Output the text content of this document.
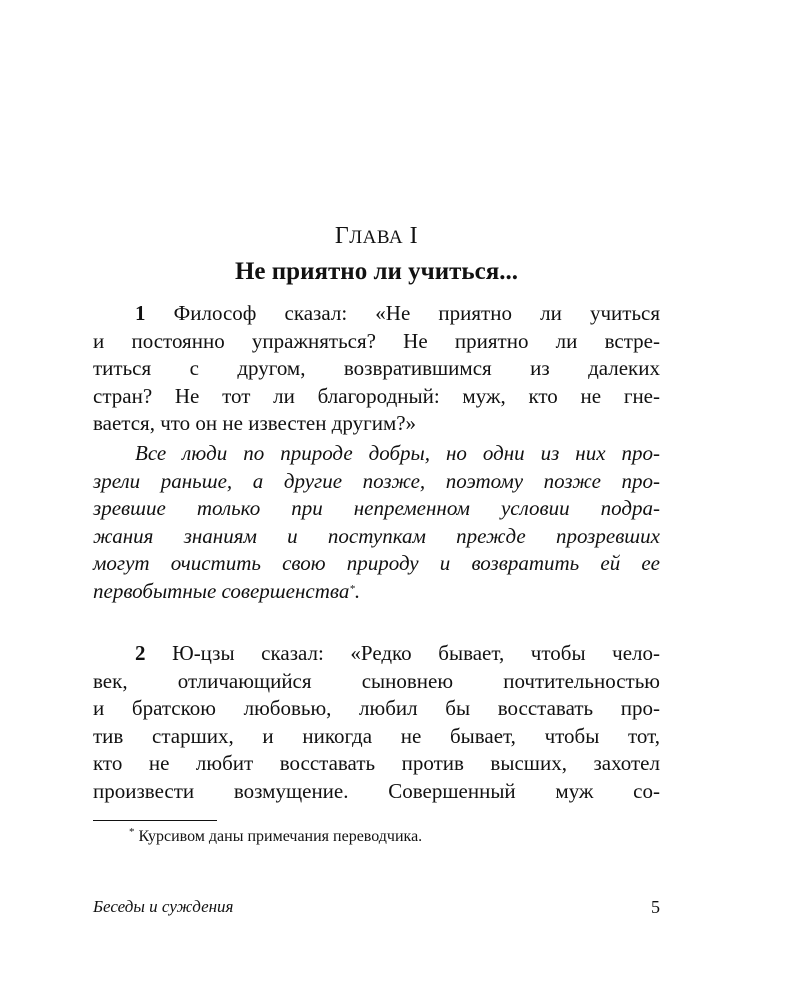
ГЛАВА I
Не приятно ли учиться...
1 Философ сказал: «Не приятно ли учиться
и постоянно упражняться? Не приятно ли встре-
титься с другом, возвратившимся из далеких
стран? Не тот ли благородный: муж, кто не гне-
вается, что он не известен другим?»
Все люди по природе добры, но одни из них про-
зрели раньше, а другие позже, поэтому позже про-
зревшие только при непременном условии подра-
жания знаниям и поступкам прежде прозревших
могут очистить свою природу и возвратить ей ее
первобытные совершенства*.
2 Ю-цзы сказал: «Редко бывает, чтобы чело-
век, отличающийся сыновнею почтительностью
и братскою любовью, любил бы восставать про-
тив старших, и никогда не бывает, чтобы тот,
кто не любит восставать против высших, захотел
произвести возмущение. Совершенный муж со-
* Курсивом даны примечания переводчика.
Беседы и суждения	5
